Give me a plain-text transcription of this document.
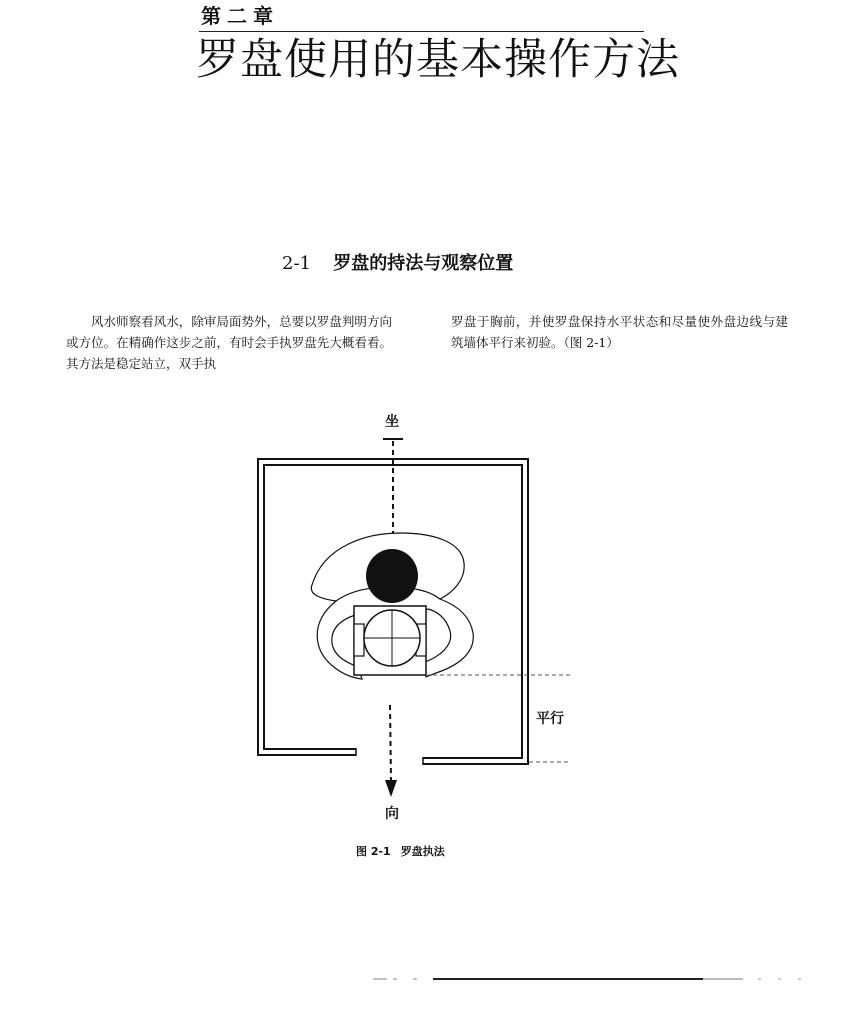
第二章
罗盘使用的基本操作方法
2-1 罗盘的持法与观察位置

风水师察看风水，除审局面势外，总要以罗盘判明方向或方位。在精确作这步之前，有时会手执罗盘先大概看看。其方法是稳定站立，双手执

罗盘于胸前，并使罗盘保持水平状态和尽量使外盘边线与建筑墙体平行来初验。（图 2-1）

坐
平行
向
图 2-1 罗盘执法
